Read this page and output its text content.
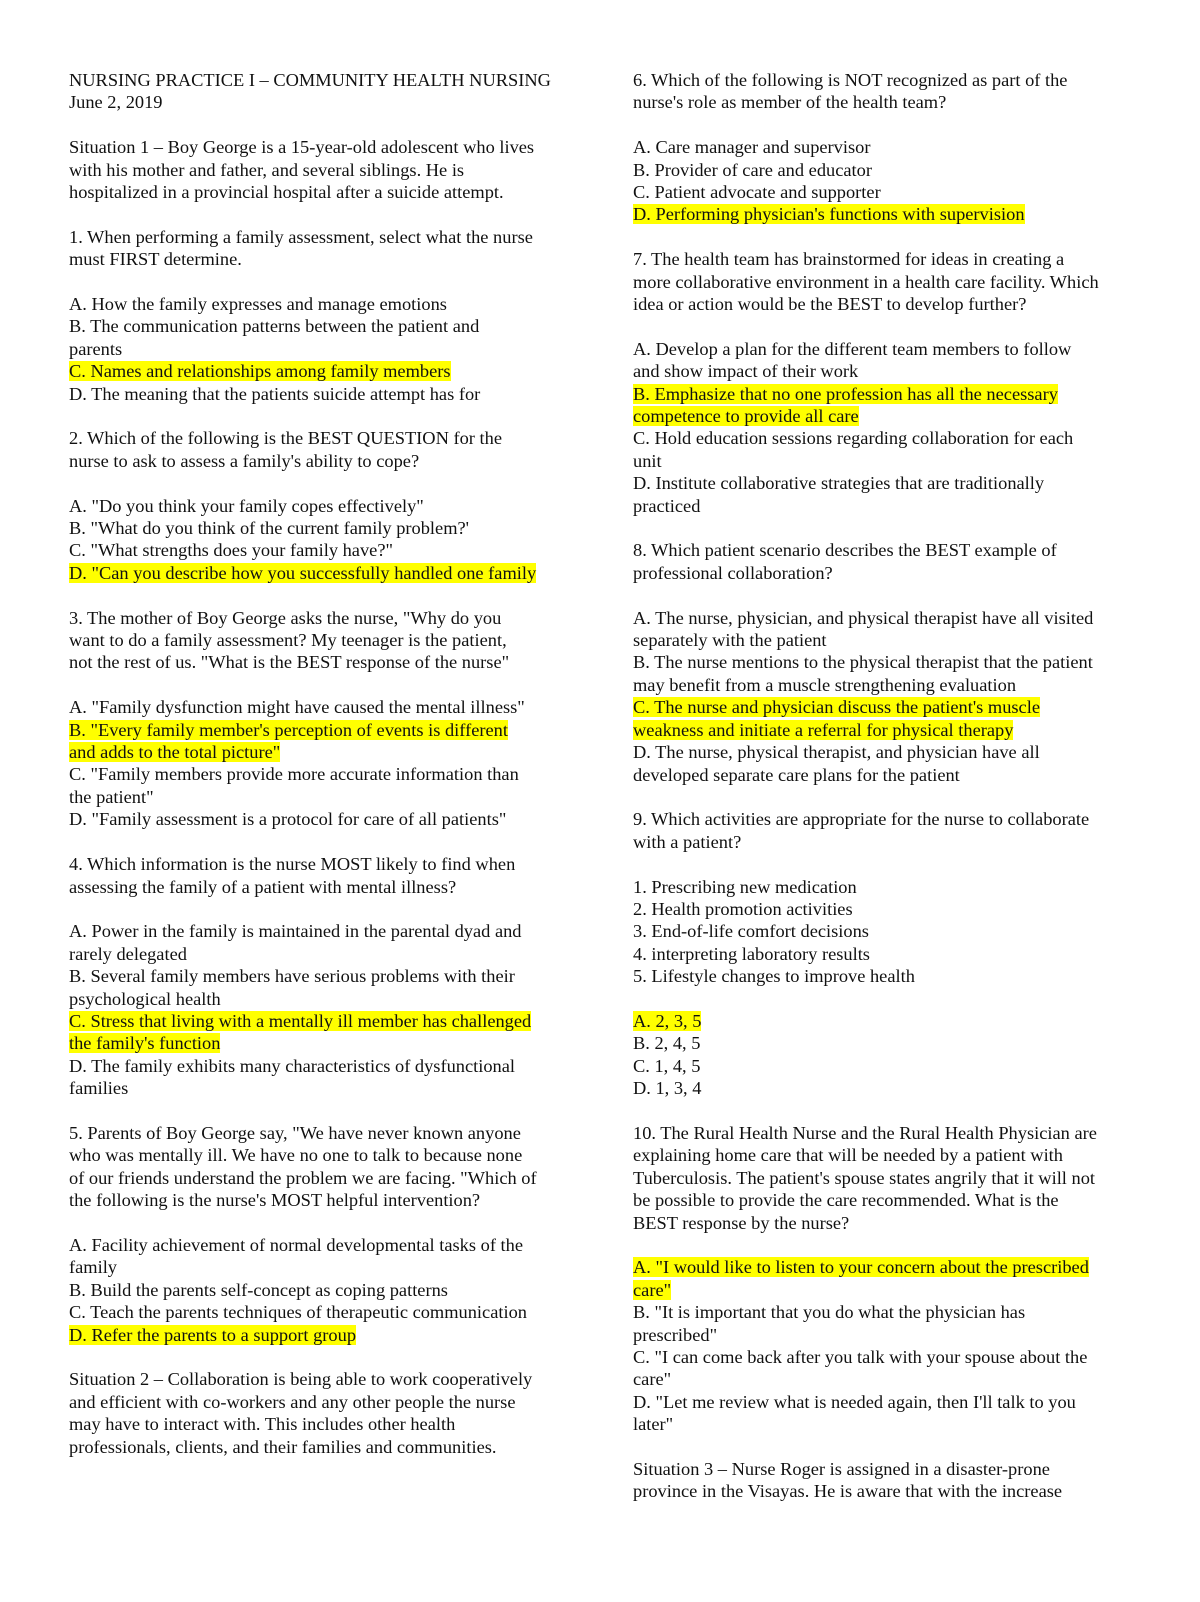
NURSING PRACTICE I – COMMUNITY HEALTH NURSING
June 2, 2019
Situation 1 – Boy George is a 15-year-old adolescent who lives
with his mother and father, and several siblings. He is
hospitalized in a provincial hospital after a suicide attempt.
1. When performing a family assessment, select what the nurse
must FIRST determine.
A. How the family expresses and manage emotions
B. The communication patterns between the patient and
parents
C. Names and relationships among family members
D. The meaning that the patients suicide attempt has for
2. Which of the following is the BEST QUESTION for the
nurse to ask to assess a family's ability to cope?
A. "Do you think your family copes effectively"
B. "What do you think of the current family problem?'
C. "What strengths does your family have?"
D. "Can you describe how you successfully handled one family
3. The mother of Boy George asks the nurse, "Why do you
want to do a family assessment? My teenager is the patient,
not the rest of us. "What is the BEST response of the nurse"
A. "Family dysfunction might have caused the mental illness"
B. "Every family member's perception of events is different
and adds to the total picture"
C. "Family members provide more accurate information than
the patient"
D. "Family assessment is a protocol for care of all patients"
4. Which information is the nurse MOST likely to find when
assessing the family of a patient with mental illness?
A. Power in the family is maintained in the parental dyad and
rarely delegated
B. Several family members have serious problems with their
psychological health
C. Stress that living with a mentally ill member has challenged
the family's function
D. The family exhibits many characteristics of dysfunctional
families
5. Parents of Boy George say, "We have never known anyone
who was mentally ill. We have no one to talk to because none
of our friends understand the problem we are facing. "Which of
the following is the nurse's MOST helpful intervention?
A. Facility achievement of normal developmental tasks of the
family
B. Build the parents self-concept as coping patterns
C. Teach the parents techniques of therapeutic communication
D. Refer the parents to a support group
Situation 2 – Collaboration is being able to work cooperatively
and efficient with co-workers and any other people the nurse
may have to interact with. This includes other health
professionals, clients, and their families and communities.
6. Which of the following is NOT recognized as part of the
nurse's role as member of the health team?
A. Care manager and supervisor
B. Provider of care and educator
C. Patient advocate and supporter
D. Performing physician's functions with supervision
7. The health team has brainstormed for ideas in creating a
more collaborative environment in a health care facility. Which
idea or action would be the BEST to develop further?
A. Develop a plan for the different team members to follow
and show impact of their work
B. Emphasize that no one profession has all the necessary
competence to provide all care
C. Hold education sessions regarding collaboration for each
unit
D. Institute collaborative strategies that are traditionally
practiced
8. Which patient scenario describes the BEST example of
professional collaboration?
A. The nurse, physician, and physical therapist have all visited
separately with the patient
B. The nurse mentions to the physical therapist that the patient
may benefit from a muscle strengthening evaluation
C. The nurse and physician discuss the patient's muscle
weakness and initiate a referral for physical therapy
D. The nurse, physical therapist, and physician have all
developed separate care plans for the patient
9. Which activities are appropriate for the nurse to collaborate
with a patient?
1. Prescribing new medication
2. Health promotion activities
3. End-of-life comfort decisions
4. interpreting laboratory results
5. Lifestyle changes to improve health
A. 2, 3, 5
B. 2, 4, 5
C. 1, 4, 5
D. 1, 3, 4
10. The Rural Health Nurse and the Rural Health Physician are
explaining home care that will be needed by a patient with
Tuberculosis. The patient's spouse states angrily that it will not
be possible to provide the care recommended. What is the
BEST response by the nurse?
A. "I would like to listen to your concern about the prescribed
care"
B. "It is important that you do what the physician has
prescribed"
C. "I can come back after you talk with your spouse about the
care"
D. "Let me review what is needed again, then I'll talk to you
later"
Situation 3 – Nurse Roger is assigned in a disaster-prone
province in the Visayas. He is aware that with the increase
